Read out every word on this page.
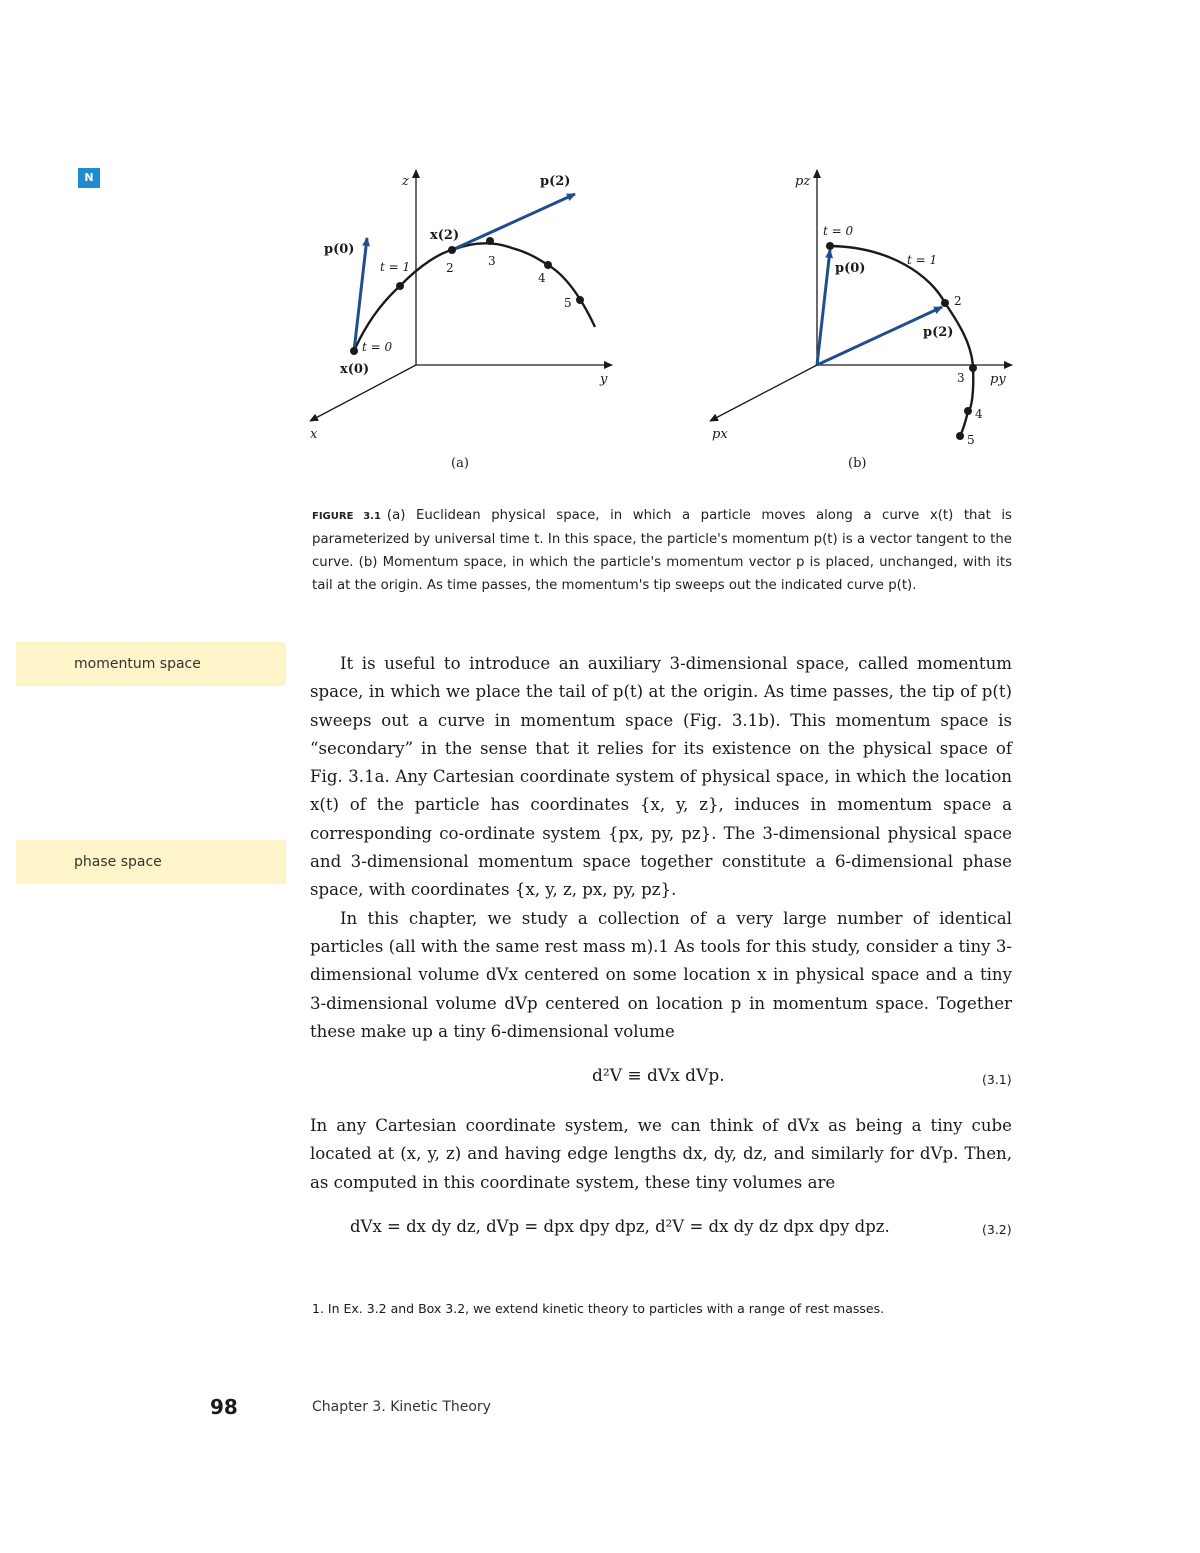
N	z
y
x
p(0)
p(2)
x(0)
x(2)
t = 0
t = 1	2	3
4
5
(a)
pz
py
px
t = 0
t = 1
p(0)
p(2)
2
3
4
5
(b)
FIGURE 3.1 (a) Euclidean physical space, in which a particle moves along a curve x(t) that is parameterized by universal time t. In this space, the particle's momentum p(t) is a vector tangent to the curve. (b) Momentum space, in which the particle's momentum vector p is placed, unchanged, with its tail at the origin. As time passes, the momentum's tip sweeps out the indicated curve p(t).
momentum space
phase space

It is useful to introduce an auxiliary 3-dimensional space, called momentum space, in which we place the tail of p(t) at the origin. As time passes, the tip of p(t) sweeps out a curve in momentum space (Fig. 3.1b). This momentum space is “secondary” in the sense that it relies for its existence on the physical space of Fig. 3.1a. Any Cartesian coordinate system of physical space, in which the location x(t) of the particle has coordinates {x, y, z}, induces in momentum space a corresponding co-ordinate system {px, py, pz}. The 3-dimensional physical space and 3-dimensional momentum space together constitute a 6-dimensional phase space, with coordinates {x, y, z, px, py, pz}.

In this chapter, we study a collection of a very large number of identical particles (all with the same rest mass m).1 As tools for this study, consider a tiny 3-dimensional volume dVx centered on some location x in physical space and a tiny 3-dimensional volume dVp centered on location p in momentum space. Together these make up a tiny 6-dimensional volume

d²V ≡ dVx dVp.	(3.1)

In any Cartesian coordinate system, we can think of dVx as being a tiny cube located at (x, y, z) and having edge lengths dx, dy, dz, and similarly for dVp. Then, as computed in this coordinate system, these tiny volumes are

dVx = dx dy dz, dVp = dpx dpy dpz, d²V = dx dy dz dpx dpy dpz.	(3.2)
1. In Ex. 3.2 and Box 3.2, we extend kinetic theory to particles with a range of rest masses.
98	Chapter 3. Kinetic Theory
